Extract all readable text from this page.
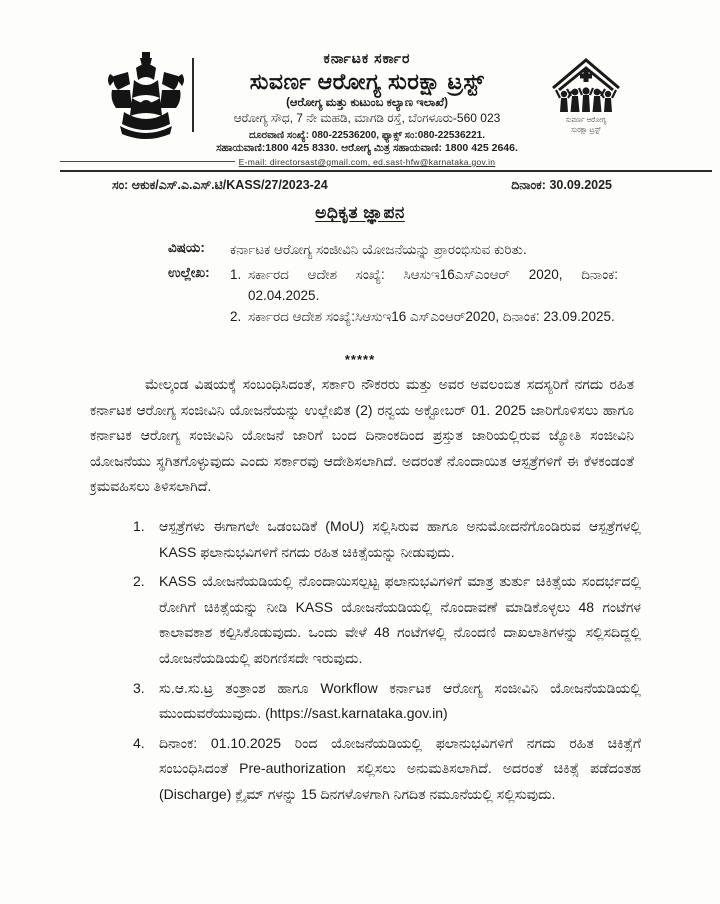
ಕರ್ನಾಟಕ ಸರ್ಕಾರ
ಸುವರ್ಣ ಆರೋಗ್ಯ ಸುರಕ್ಷಾ ಟ್ರಸ್ಟ್
(ಆರೋಗ್ಯ ಮತ್ತು ಕುಟುಂಬ ಕಲ್ಯಾಣ ಇಲಾಖೆ)
ಆರೋಗ್ಯ ಸೌಧ, 7 ನೇ ಮಹಡಿ, ಮಾಗಡಿ ರಸ್ತೆ, ಬೆಂಗಳೂರು-560 023
ದೂರವಾಣಿ ಸಂಖ್ಯೆ: 080-22536200, ಫ್ಯಾಕ್ಸ್ ಸಂ:080-22536221.
ಸಹಾಯವಾಣಿ:1800 425 8330. ಆರೋಗ್ಯ ಮಿತ್ರ ಸಹಾಯವಾಣಿ: 1800 425 2646.
E-mail: directorsast@gmail.com, ed.sast-hfw@karnataka.gov.in
ಸುವರ್ಣ ಆರೋಗ್ಯ
ಸುರಕ್ಷಾ ಟ್ರಸ್ಟ್
ಸಂ: ಆಕುಕ/ಎಸ್.ಎ.ಎಸ್.ಟಿ/KASS/27/2023-24	ದಿನಾಂಕ: 30.09.2025
ಅಧಿಕೃತ ಜ್ಞಾಪನ
ವಿಷಯ:	ಕರ್ನಾಟಕ ಆರೋಗ್ಯ ಸಂಜೀವಿನಿ ಯೋಜನೆಯನ್ನು ಪ್ರಾರಂಭಿಸುವ ಕುರಿತು.
ಉಲ್ಲೇಖ:	1. ಸರ್ಕಾರದ ಆದೇಶ ಸಂಖ್ಯೆ: ಸಿಆಸುಇ16ಎಸ್‌ಎಂಆರ್ 2020, ದಿನಾಂಕ: 02.04.2025.
2. ಸರ್ಕಾರದ ಆದೇಶ ಸಂಖ್ಯೆ:ಸಿಆಸುಇ16 ಎಸ್‌ಎಂಆರ್2020, ದಿನಾಂಕ: 23.09.2025.
*****
ಮೇಲ್ಕಂಡ ವಿಷಯಕ್ಕೆ ಸಂಬಂಧಿಸಿದಂತೆ, ಸರ್ಕಾರಿ ನೌಕರರು ಮತ್ತು ಅವರ ಅವಲಂಬಿತ ಸದಸ್ಯರಿಗೆ ನಗದು ರಹಿತ ಕರ್ನಾಟಕ ಆರೋಗ್ಯ ಸಂಜೀವಿನಿ ಯೋಜನೆಯನ್ನು ಉಲ್ಲೇಖಿತ (2) ರನ್ವಯ ಅಕ್ಟೋಬರ್ 01. 2025 ಜಾರಿಗೊಳಿಸಲು ಹಾಗೂ ಕರ್ನಾಟಕ ಆರೋಗ್ಯ ಸಂಜೀವಿನಿ ಯೋಜನೆ ಜಾರಿಗೆ ಬಂದ ದಿನಾಂಕದಿಂದ ಪ್ರಸ್ತುತ ಜಾರಿಯಲ್ಲಿರುವ ಜ್ಯೋತಿ ಸಂಜೀವಿನಿ ಯೋಜನೆಯು ಸ್ಥಗಿತಗೊಳ್ಳುವುದು ಎಂದು ಸರ್ಕಾರವು ಆದೇಶಿಸಲಾಗಿದೆ. ಅದರಂತೆ ನೊಂದಾಯಿತ ಆಸ್ಪತ್ರೆಗಳಿಗೆ ಈ ಕೆಳಕಂಡಂತೆ ಕ್ರಮವಹಿಸಲು ತಿಳಿಸಲಾಗಿದೆ.
1.	ಆಸ್ಪತ್ರೆಗಳು ಈಗಾಗಲೇ ಒಡಂಬಡಿಕೆ (MoU) ಸಲ್ಲಿಸಿರುವ ಹಾಗೂ ಅನುಮೋದನೆಗೊಂಡಿರುವ ಆಸ್ಪತ್ರೆಗಳಲ್ಲಿ KASS ಫಲಾನುಭವಿಗಳಿಗೆ ನಗದು ರಹಿತ ಚಿಕಿತ್ಸೆಯನ್ನು ನೀಡುವುದು.
2.	KASS ಯೋಜನೆಯಡಿಯಲ್ಲಿ ನೊಂದಾಯಿಸಲ್ಪಟ್ಟ ಫಲಾನುಭವಿಗಳಿಗೆ ಮಾತ್ರ ತುರ್ತು ಚಿಕಿತ್ಸೆಯ ಸಂದರ್ಭದಲ್ಲಿ ರೋಗಿಗೆ ಚಿಕಿತ್ಸೆಯನ್ನು ನೀಡಿ KASS ಯೋಜನೆಯಡಿಯಲ್ಲಿ ನೊಂದಾವಣೆ ಮಾಡಿಕೊಳ್ಳಲು 48 ಗಂಟೆಗಳ ಕಾಲಾವಕಾಶ ಕಲ್ಪಿಸಿಕೊಡುವುದು. ಒಂದು ವೇಳೆ 48 ಗಂಟೆಗಳಲ್ಲಿ ನೊಂದಣಿ ದಾಖಲಾತಿಗಳನ್ನು ಸಲ್ಲಿಸದಿದ್ದಲ್ಲಿ ಯೋಜನೆಯಡಿಯಲ್ಲಿ ಪರಿಗಣಿಸದೇ ಇರುವುದು.
3.	ಸು.ಆ.ಸು.ಟ್ರ ತಂತ್ರಾಂಶ ಹಾಗೂ Workflow ಕರ್ನಾಟಕ ಆರೋಗ್ಯ ಸಂಜೀವಿನಿ ಯೋಜನೆಯಡಿಯಲ್ಲಿ ಮುಂದುವರೆಯುವುದು. (https://sast.karnataka.gov.in)
4.	ದಿನಾಂಕ: 01.10.2025 ರಿಂದ ಯೋಜನೆಯಡಿಯಲ್ಲಿ ಫಲಾನುಭವಿಗಳಿಗೆ ನಗದು ರಹಿತ ಚಿಕಿತ್ಸೆಗೆ ಸಂಬಂಧಿಸಿದಂತೆ Pre-authorization ಸಲ್ಲಿಸಲು ಅನುಮತಿಸಲಾಗಿದೆ. ಅದರಂತೆ ಚಿಕಿತ್ಸೆ ಪಡೆದಂತಹ (Discharge) ಕ್ಲೈಮ್ ಗಳನ್ನು 15 ದಿನಗಳೊಳಗಾಗಿ ನಿಗದಿತ ನಮೂನೆಯಲ್ಲಿ ಸಲ್ಲಿಸುವುದು.
